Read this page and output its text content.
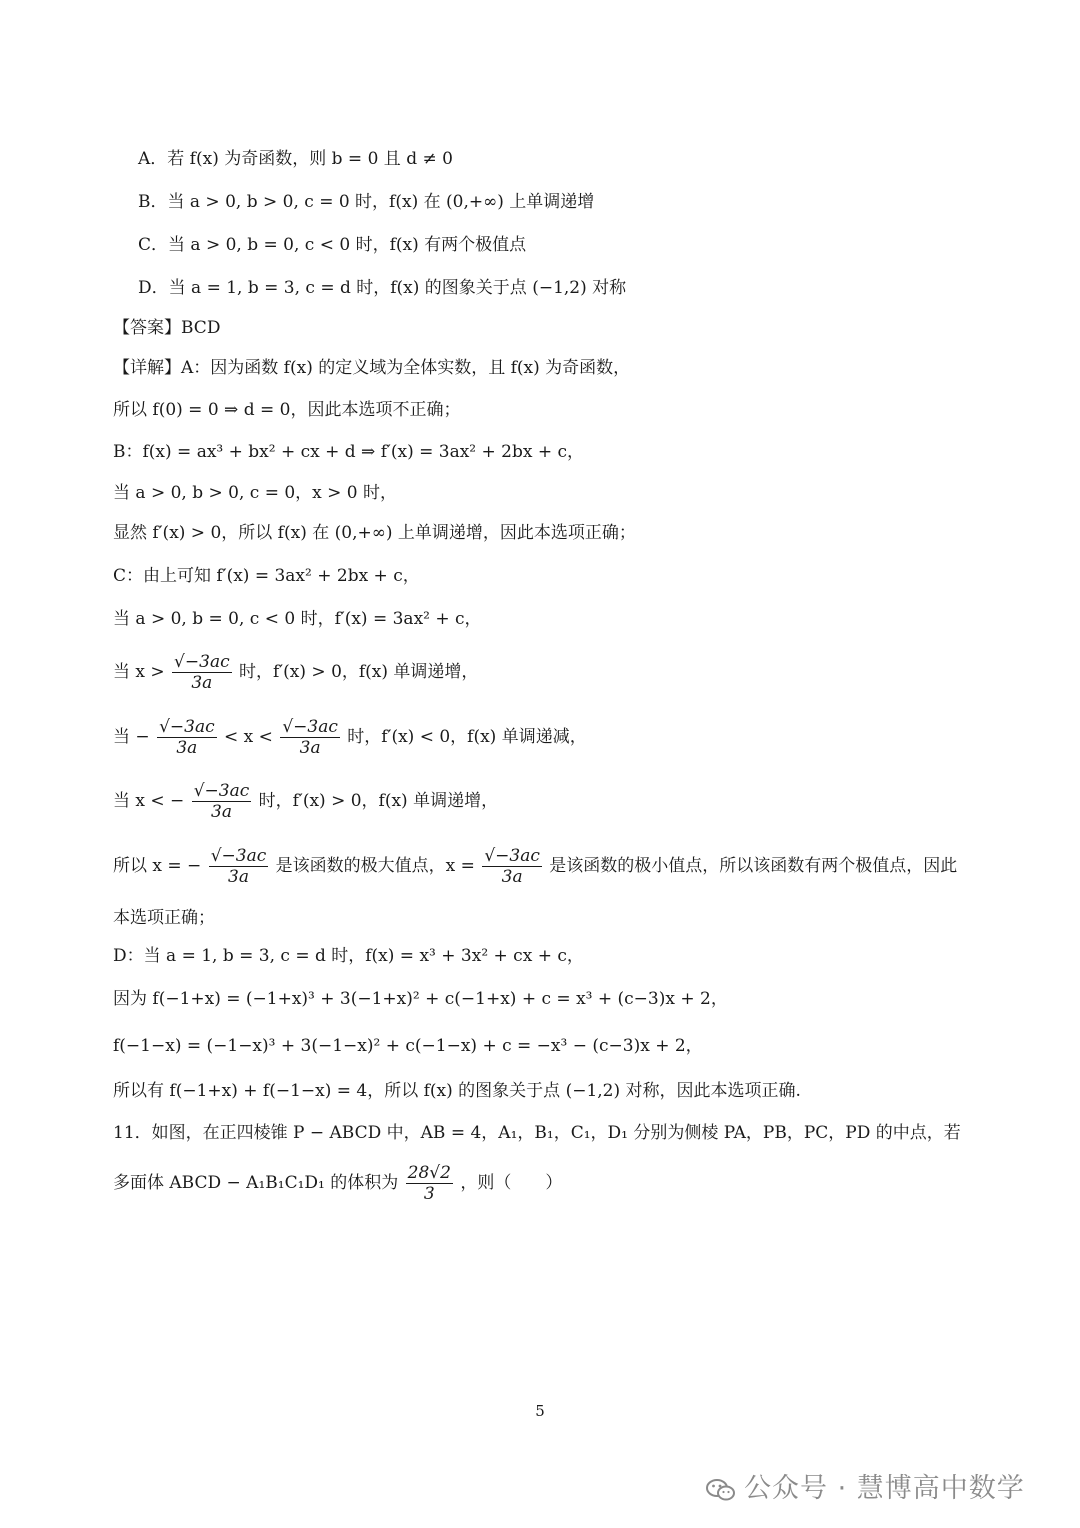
A．若 f(x) 为奇函数，则 b = 0 且 d ≠ 0
B．当 a > 0, b > 0, c = 0 时，f(x) 在 (0,+∞) 上单调递增
C．当 a > 0, b = 0, c < 0 时，f(x) 有两个极值点
D．当 a = 1, b = 3, c = d 时，f(x) 的图象关于点 (−1,2) 对称
【答案】BCD
【详解】A：因为函数 f(x) 的定义域为全体实数，且 f(x) 为奇函数，
所以 f(0) = 0 ⇒ d = 0，因此本选项不正确；
B：f(x) = ax³ + bx² + cx + d ⇒ f′(x) = 3ax² + 2bx + c，
当 a > 0, b > 0, c = 0，x > 0 时，
显然 f′(x) > 0，所以 f(x) 在 (0,+∞) 上单调递增，因此本选项正确；
C：由上可知 f′(x) = 3ax² + 2bx + c，
当 a > 0, b = 0, c < 0 时，f′(x) = 3ax² + c，
当 $x > \frac{√-3ac}{3a}$ 时，f′(x) > 0，f(x) 单调递增，
当 − $\frac{√-3ac}{3a} < x < \frac{√-3ac}{3a}$ 时，f′(x) < 0，f(x) 单调递减，
当 x < − $\frac{√-3ac}{3a}$ 时，f′(x) > 0，f(x) 单调递增，
所以 x = − $\frac{√-3ac}{3a}$ 是该函数的极大值点，$x = \frac{√-3ac}{3a}$ 是该函数的极小值点，所以该函数有两个极值点，因此
本选项正确；
D：当 a = 1, b = 3, c = d 时，f(x) = x³ + 3x² + cx + c，
因为 f(−1+x) = (−1+x)³ + 3(−1+x)² + c(−1+x) + c = x³ + (c−3)x + 2，
f(−1−x) = (−1−x)³ + 3(−1−x)² + c(−1−x) + c = −x³ − (c−3)x + 2，
所以有 f(−1+x) + f(−1−x) = 4，所以 f(x) 的图象关于点 (−1,2) 对称，因此本选项正确.
11．如图，在正四棱锥 P − ABCD 中，AB = 4，A₁，B₁，C₁，D₁ 分别为侧棱 PA，PB，PC，PD 的中点，若
多面体 ABCD − A₁B₁C₁D₁ 的体积为 $\frac{28√2}{3}$ ，则（　　）
5
公众号 · 慧博高中数学
